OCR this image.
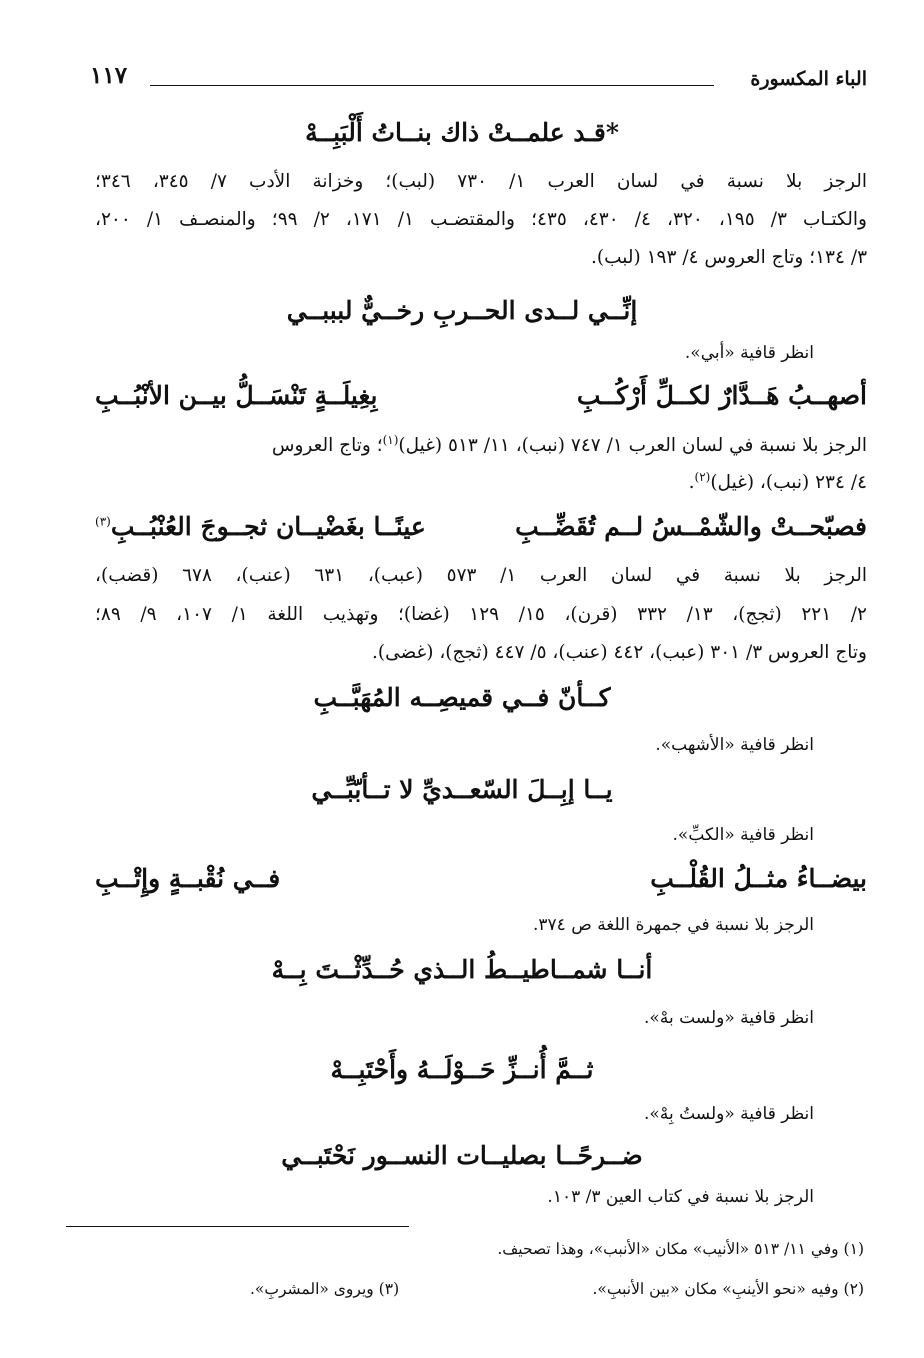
الباء المكسورة
١١٧
*قـد علمــتْ ذاك بنــاتُ أَلْبَبِــهْ
الرجز بلا نسبة في لسان العرب ١/ ٧٣٠ (لبب)؛ وخزانة الأدب ٧/ ٣٤٥، ٣٤٦؛
والكتـاب ٣/ ١٩٥، ٣٢٠، ٤/ ٤٣٠، ٤٣٥؛ والمقتضـب ١/ ١٧١، ٢/ ٩٩؛ والمنصـف ١/ ٢٠٠،
٣/ ١٣٤؛ وتاج العروس ٤/ ١٩٣ (لبب).
إنِّــي لــدى الحــربِ رخــيٌّ لبببــي
انظر قافية «أبي».
أصهــبُ هَــدَّارٌ لكــلِّ أَرْكُــبِ
بِغِيلَــةٍ تَنْسَــلُّ بيــن الأنْبُــبِ
الرجز بلا نسبة في لسان العرب ١/ ٧٤٧ (نبب)، ١١/ ٥١٣ (غيل)$^{(١)}$؛ وتاج العروس
٤/ ٢٣٤ (نبب)، (غيل)$^{(٢)}$.
فصبّحــتْ والشّمْــسُ لــم تُقَضِّــبِ
عينًــا بغَضْيــان ثجــوجَ العُنْبُــبِ$^{(٣)}$
الرجز بلا نسبة في لسان العرب ١/ ٥٧٣ (عبب)، ٦٣١ (عنب)، ٦٧٨ (قضب)،
٢/ ٢٢١ (ثجج)، ١٣/ ٣٣٢ (قرن)، ١٥/ ١٢٩ (غضا)؛ وتهذيب اللغة ١/ ١٠٧، ٩/ ٨٩؛
وتاج العروس ٣/ ٣٠١ (عبب)، ٤٤٢ (عنب)، ٥/ ٤٤٧ (ثجج)، (غضى).
كــأنّ فــي قميصِــه المُهَبَّــبِ
انظر قافية «الأشهب».
يــا إبِــلَ السّعــديِّ لا تــأبّبِّــي
انظر قافية «الكبِّ».
بيضــاءُ مثــلُ القُلْــبِ
فــي نُقْبــةٍ وإِتْــبِ
الرجز بلا نسبة في جمهرة اللغة ص ٣٧٤.
أنــا شمــاطيــطُ الــذي حُــدِّثْــتَ بِــهْ
انظر قافية «ولست بهْ».
ثــمَّ أُنــزِّ حَــوْلَــهُ وأَحْتَبِــهْ
انظر قافية «ولستُ بِهْ».
ضــرحًــا بصليــات النســور نَحْتَبــي
الرجز بلا نسبة في كتاب العين ٣/ ١٠٣.
(١) وفي ١١/ ٥١٣ «الأنيب» مكان «الأنبب»، وهذا تصحيف.
(٢) وفيه «نحو الأينبِ» مكان «بين الأنببِ».
(٣) ويروى «المشربِ».
